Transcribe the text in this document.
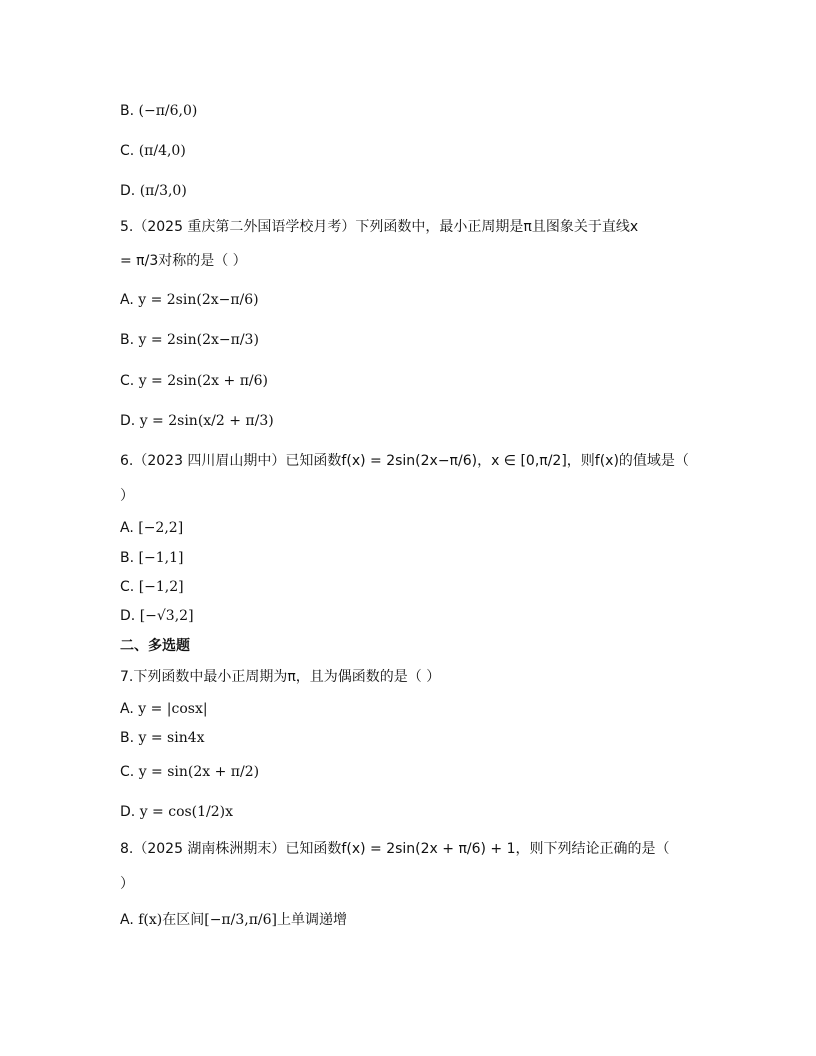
B. (−π/6,0)
C. (π/4,0)
D. (π/3,0)
5.（2025 重庆第二外国语学校月考）下列函数中，最小正周期是π且图象关于直线x
= π/3对称的是（ ）
A. y = 2sin(2x−π/6)
B. y = 2sin(2x−π/3)
C. y = 2sin(2x + π/6)
D. y = 2sin(x/2 + π/3)
6.（2023 四川眉山期中）已知函数f(x) = 2sin(2x−π/6)，x ∈ [0,π/2]，则f(x)的值域是（
）
A. [−2,2]
B. [−1,1]
C. [−1,2]
D. [−√3,2]
二、多选题
7.下列函数中最小正周期为π，且为偶函数的是（ ）
A. y = |cosx|
B. y = sin4x
C. y = sin(2x + π/2)
D. y = cos(1/2)x
8.（2025 湖南株洲期末）已知函数f(x) = 2sin(2x + π/6) + 1，则下列结论正确的是（
）
A. f(x)在区间[−π/3,π/6]上单调递增
